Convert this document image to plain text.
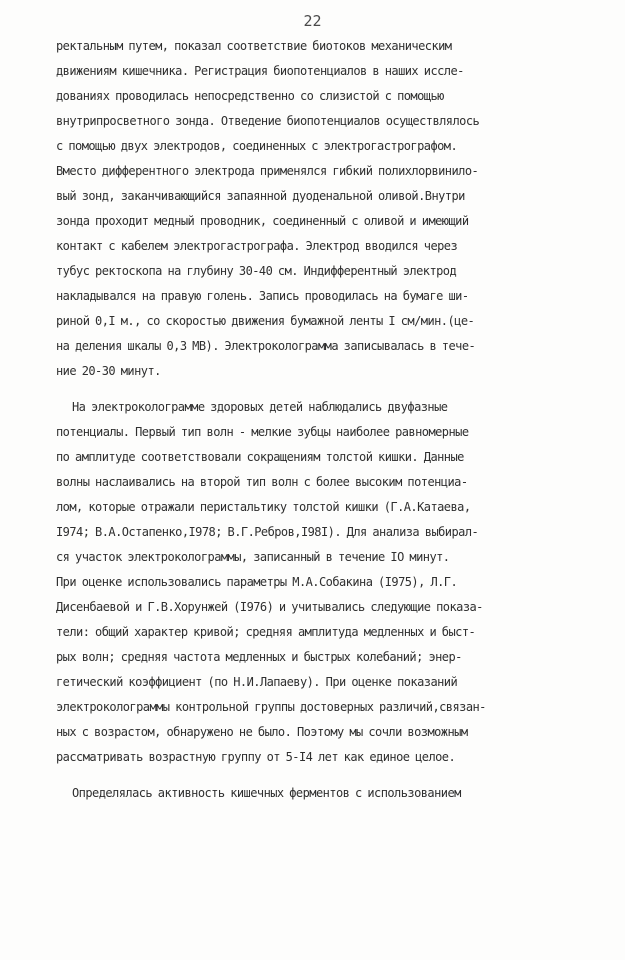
22

ректальным путем, показал соответствие биотоков механическим
движениям кишечника. Регистрация биопотенциалов в наших иссле-
дованиях проводилась непосредственно со слизистой с помощью
внутрипросветного зонда. Отведение биопотенциалов осуществлялось
с помощью двух электродов, соединенных с электрогастрографом.
Вместо дифферентного электрода применялся гибкий полихлорвинило-
вый зонд, заканчивающийся запаянной дуоденальной оливой.Внутри
зонда проходит медный проводник, соединенный с оливой и имеющий
контакт с кабелем электрогастрографа. Электрод вводился через
тубус ректоскопа на глубину 30-40 см. Индифферентный электрод
накладывался на правую голень. Запись проводилась на бумаге ши-
риной 0,I м., со скоростью движения бумажной ленты I см/мин.(це-
на деления шкалы 0,3 МВ). Электроколограмма записывалась в тече-
ние 20-30 минут.

На электроколограмме здоровых детей наблюдались двуфазные
потенциалы. Первый тип волн - мелкие зубцы наиболее равномерные
по амплитуде соответствовали сокращениям толстой кишки. Данные
волны наслаивались на второй тип волн с более высоким потенциа-
лом, которые отражали перистальтику толстой кишки (Г.А.Катаева,
I974; В.А.Остапенко,I978; В.Г.Ребров,I98I). Для анализа выбирал-
ся участок электроколограммы, записанный в течение IO минут.
При оценке использовались параметры М.А.Собакина (I975), Л.Г.
Дисенбаевой и Г.В.Хорунжей (I976) и учитывались следующие показа-
тели: общий характер кривой; средняя амплитуда медленных и быст-
рых волн; средняя частота медленных и быстрых колебаний; энер-
гетический коэффициент (по Н.И.Лапаеву). При оценке показаний
электроколограммы контрольной группы достоверных различий,связан-
ных с возрастом, обнаружено не было. Поэтому мы сочли возможным
рассматривать возрастную группу от 5-I4 лет как единое целое.

Определялась активность кишечных ферментов с использованием
